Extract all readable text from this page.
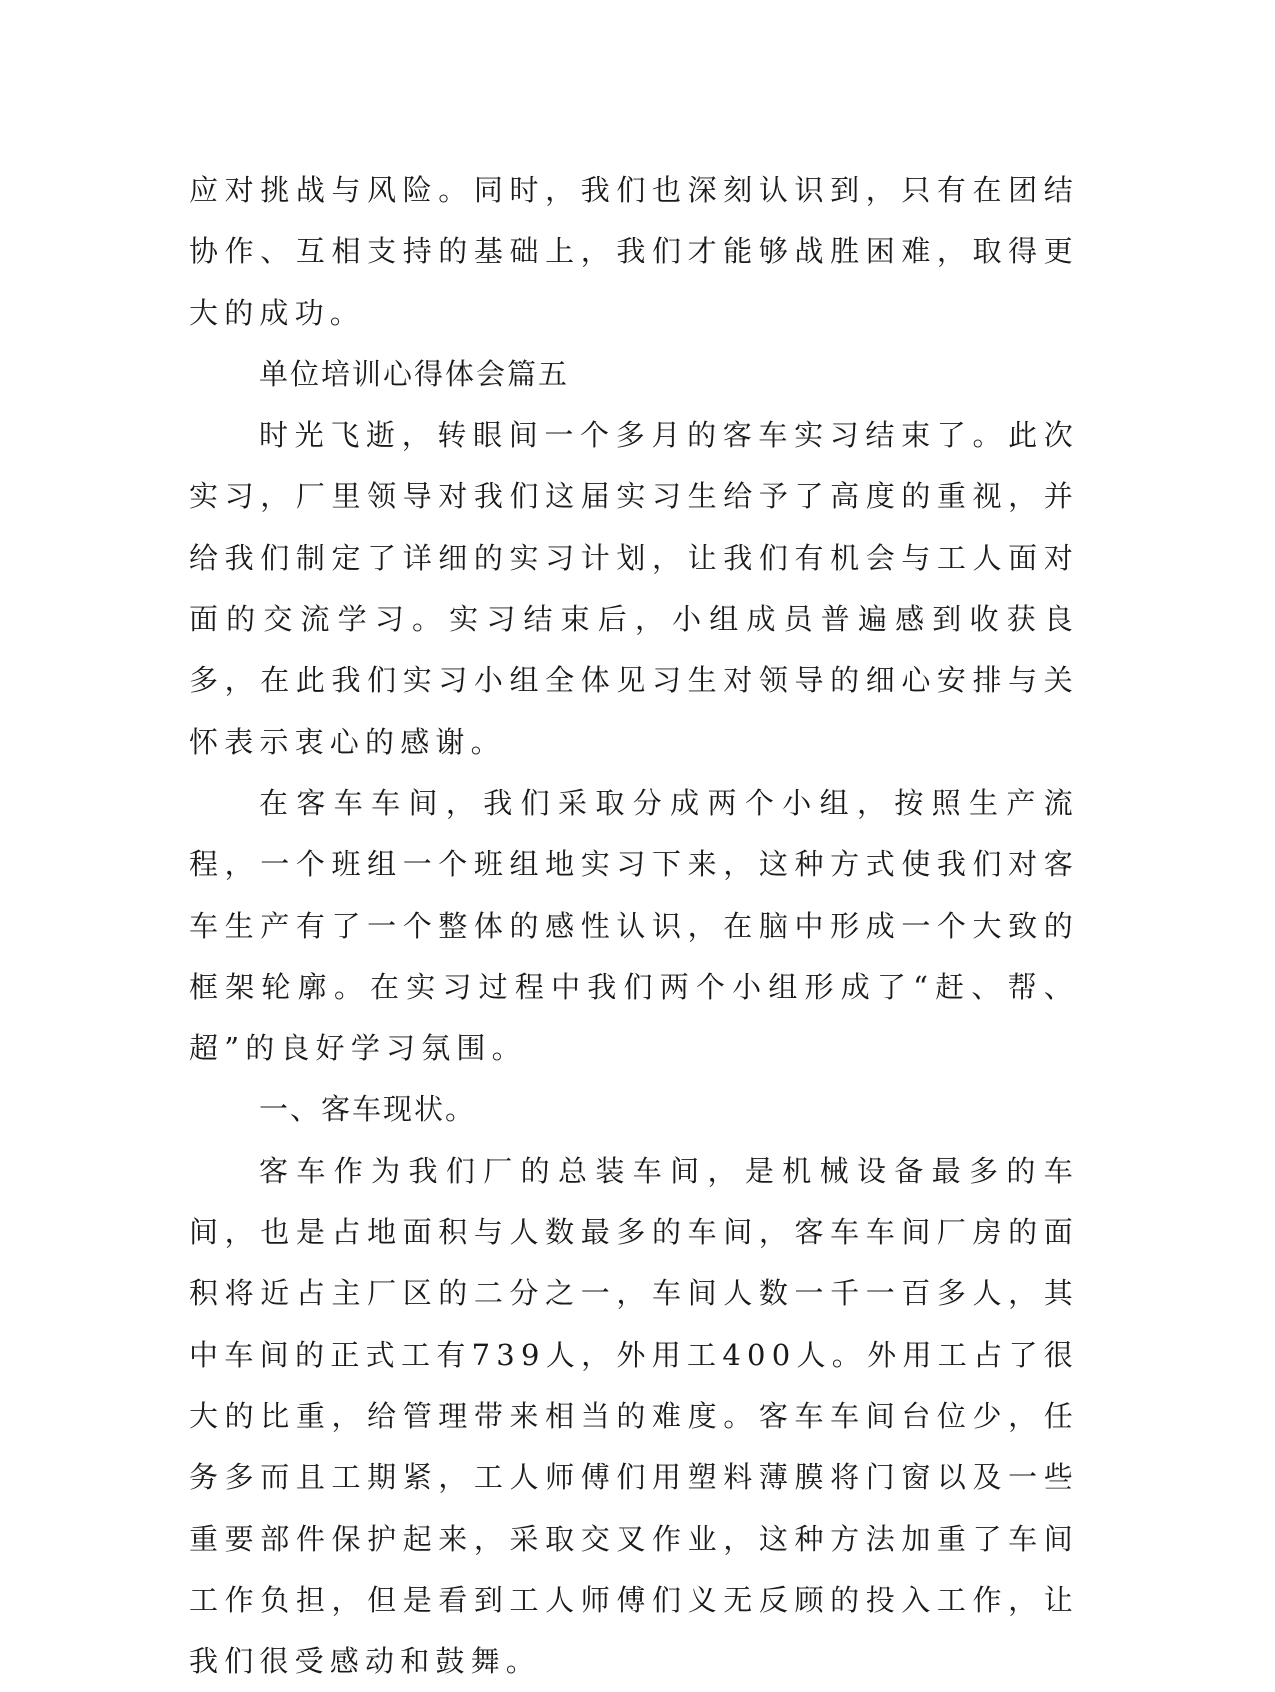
应对挑战与风险。同时，我们也深刻认识到，只有在团结协作、互相支持的基础上，我们才能够战胜困难，取得更大的成功。

单位培训心得体会篇五

时光飞逝，转眼间一个多月的客车实习结束了。此次实习，厂里领导对我们这届实习生给予了高度的重视，并给我们制定了详细的实习计划，让我们有机会与工人面对面的交流学习。实习结束后，小组成员普遍感到收获良多，在此我们实习小组全体见习生对领导的细心安排与关怀表示衷心的感谢。

在客车车间，我们采取分成两个小组，按照生产流程，一个班组一个班组地实习下来，这种方式使我们对客车生产有了一个整体的感性认识，在脑中形成一个大致的框架轮廓。在实习过程中我们两个小组形成了“赶、帮、超”的良好学习氛围。

一、客车现状。

客车作为我们厂的总装车间，是机械设备最多的车间，也是占地面积与人数最多的车间，客车车间厂房的面积将近占主厂区的二分之一，车间人数一千一百多人，其中车间的正式工有739人，外用工400人。外用工占了很大的比重，给管理带来相当的难度。客车车间台位少，任务多而且工期紧，工人师傅们用塑料薄膜将门窗以及一些重要部件保护起来，采取交叉作业，这种方法加重了车间工作负担，但是看到工人师傅们义无反顾的投入工作，让我们很受感动和鼓舞。
